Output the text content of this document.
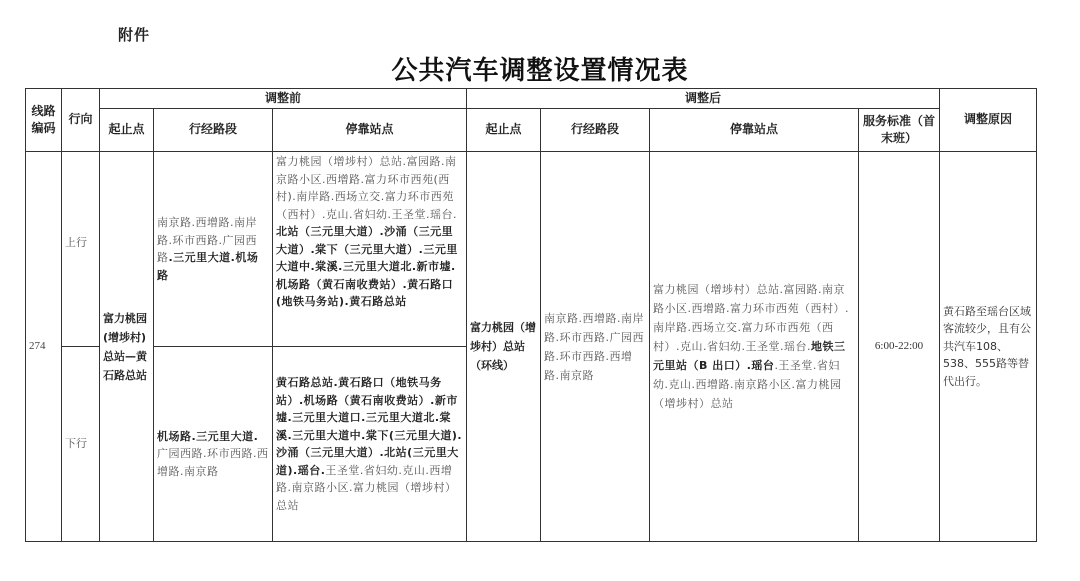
附件
公共汽车调整设置情况表
线路编码	行向	调整前			调整后				调整原因
		起止点	行经路段	停靠站点	起止点	行经路段	停靠站点	服务标准（首末班）	
274	上行	富力桃园(增埗村)总站—黄石路总站	南京路.西增路.南岸路.环市西路.广园西路.三元里大道.机场路	富力桃园（增埗村）总站.富园路.南京路小区.西增路.富力环市西苑(西村).南岸路.西场立交.富力环市西苑（西村）.克山.省妇幼.王圣堂.瑶台.北站（三元里大道）.沙涌（三元里大道）.棠下（三元里大道）.三元里大道中.棠溪.三元里大道北.新市墟.机场路（黄石南收费站）.黄石路口(地铁马务站).黄石路总站	富力桃园（增埗村）总站（环线）	南京路.西增路.南岸路.环市西路.广园西路.环市西路.西增路.南京路	富力桃园（增埗村）总站.富园路.南京路小区.西增路.富力环市西苑（西村）.南岸路.西场立交.富力环市西苑（西村）.克山.省妇幼.王圣堂.瑶台.地铁三元里站（B 出口）.瑶台.王圣堂.省妇幼.克山.西增路.南京路小区.富力桃园（增埗村）总站	6:00-22:00	黄石路至瑶台区域客流较少，且有公共汽车108、538、555路等替代出行。
	下行		机场路.三元里大道.广园西路.环市西路.西增路.南京路	黄石路总站.黄石路口（地铁马务站）.机场路（黄石南收费站）.新市墟.三元里大道口.三元里大道北.棠溪.三元里大道中.棠下(三元里大道).沙涌（三元里大道）.北站(三元里大道).瑶台.王圣堂.省妇幼.克山.西增路.南京路小区.富力桃园（增埗村）总站					
